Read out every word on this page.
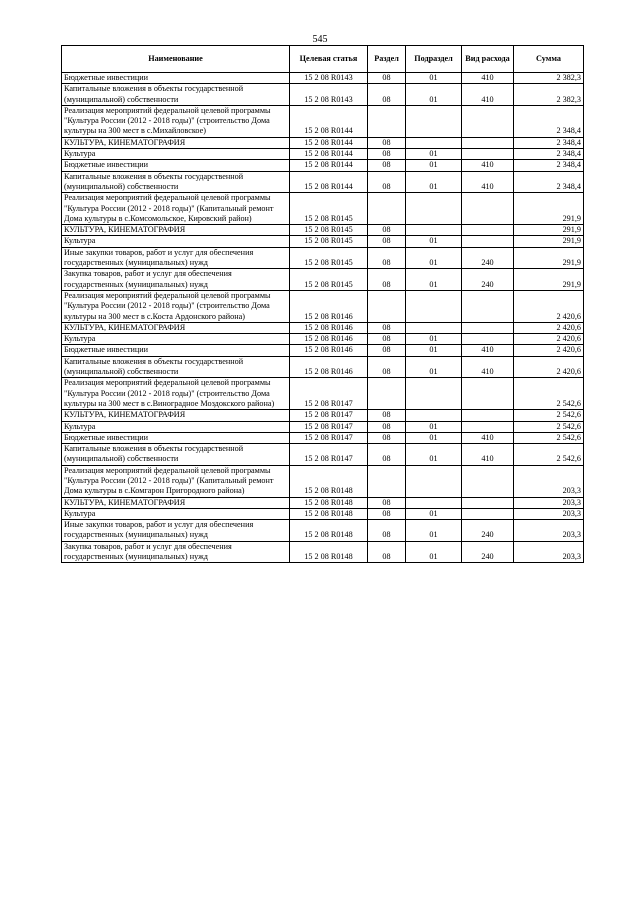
545
Наименование	Целевая статья	Раздел	Подраздел	Вид расхода	Сумма
Бюджетные инвестиции	15 2 08 R0143	08	01	410	2 382,3
Капитальные вложения в объекты государственной (муниципальной) собственности	15 2 08 R0143	08	01	410	2 382,3
Реализация мероприятий федеральной целевой программы "Культура России (2012 - 2018 годы)" (строительство Дома культуры на 300 мест в с.Михайловское)	15 2 08 R0144				2 348,4
КУЛЬТУРА, КИНЕМАТОГРАФИЯ	15 2 08 R0144	08			2 348,4
Культура	15 2 08 R0144	08	01		2 348,4
Бюджетные инвестиции	15 2 08 R0144	08	01	410	2 348,4
Капитальные вложения в объекты государственной (муниципальной) собственности	15 2 08 R0144	08	01	410	2 348,4
Реализация мероприятий федеральной целевой программы "Культура России (2012 - 2018 годы)" (Капитальный ремонт Дома культуры в с.Комсомольское, Кировский район)	15 2 08 R0145				291,9
КУЛЬТУРА, КИНЕМАТОГРАФИЯ	15 2 08 R0145	08			291,9
Культура	15 2 08 R0145	08	01		291,9
Иные закупки товаров, работ и услуг для обеспечения государственных (муниципальных) нужд	15 2 08 R0145	08	01	240	291,9
Закупка товаров, работ и услуг для обеспечения государственных (муниципальных) нужд	15 2 08 R0145	08	01	240	291,9
Реализация мероприятий федеральной целевой программы "Культура России (2012 - 2018 годы)" (строительство Дома культуры на 300 мест в с.Коста Ардонского района)	15 2 08 R0146				2 420,6
КУЛЬТУРА, КИНЕМАТОГРАФИЯ	15 2 08 R0146	08			2 420,6
Культура	15 2 08 R0146	08	01		2 420,6
Бюджетные инвестиции	15 2 08 R0146	08	01	410	2 420,6
Капитальные вложения в объекты государственной (муниципальной) собственности	15 2 08 R0146	08	01	410	2 420,6
Реализация мероприятий федеральной целевой программы "Культура России (2012 - 2018 годы)" (строительство Дома культуры на 300 мест в с.Виноградное Моздокского района)	15 2 08 R0147				2 542,6
КУЛЬТУРА, КИНЕМАТОГРАФИЯ	15 2 08 R0147	08			2 542,6
Культура	15 2 08 R0147	08	01		2 542,6
Бюджетные инвестиции	15 2 08 R0147	08	01	410	2 542,6
Капитальные вложения в объекты государственной (муниципальной) собственности	15 2 08 R0147	08	01	410	2 542,6
Реализация мероприятий федеральной целевой программы "Культура России (2012 - 2018 годы)" (Капитальный ремонт Дома культуры в с.Комгарон Пригородного района)	15 2 08 R0148				203,3
КУЛЬТУРА, КИНЕМАТОГРАФИЯ	15 2 08 R0148	08			203,3
Культура	15 2 08 R0148	08	01		203,3
Иные закупки товаров, работ и услуг для обеспечения государственных (муниципальных) нужд	15 2 08 R0148	08	01	240	203,3
Закупка товаров, работ и услуг для обеспечения государственных (муниципальных) нужд	15 2 08 R0148	08	01	240	203,3
